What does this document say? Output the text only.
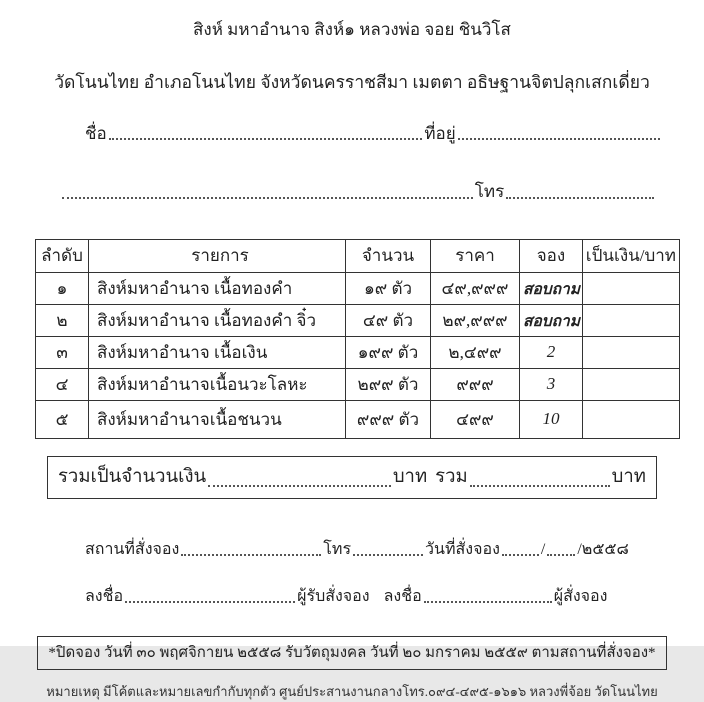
สิงห์ มหาอำนาจ สิงห์๑ หลวงพ่อ จอย ชินวิโส
วัดโนนไทย อำเภอโนนไทย จังหวัดนครราชสีมา เมตตา อธิษฐานจิตปลุกเสกเดี่ยว
ชื่อ	ที่อยู่
โทร
ลำดับ	รายการ	จำนวน	ราคา	จอง	เป็นเงิน/บาท
๑	สิงห์มหาอำนาจ เนื้อทองคำ	๑๙ ตัว	๔๙,๙๙๙	สอบถาม	
๒	สิงห์มหาอำนาจ เนื้อทองคำ จิ๋ว	๔๙ ตัว	๒๙,๙๙๙	สอบถาม	
๓	สิงห์มหาอำนาจ เนื้อเงิน	๑๙๙ ตัว	๒,๔๙๙	2	
๔	สิงห์มหาอำนาจเนื้อนวะโลหะ	๒๙๙ ตัว	๙๙๙	3	
๕	สิงห์มหาอำนาจเนื้อชนวน	๙๙๙ ตัว	๔๙๙	10	
รวมเป็นจำนวนเงิน	บาท รวม	บาท
สถานที่สั่งจอง	โทร	วันที่สั่งจอง	/ /๒๕๕๘
ลงชื่อ	ผู้รับสั่งจอง ลงชื่อ	ผู้สั่งจอง
*ปิดจอง วันที่ ๓๐ พฤศจิกายน ๒๕๕๘ รับวัตถุมงคล วันที่ ๒๐ มกราคม ๒๕๕๙ ตามสถานที่สั่งจอง*
หมายเหตุ มีโค้ตและหมายเลขกำกับทุกตัว ศูนย์ประสานงานกลางโทร.๐๙๔-๔๙๕-๑๖๑๖ หลวงพี่จ้อย วัดโนนไทย
